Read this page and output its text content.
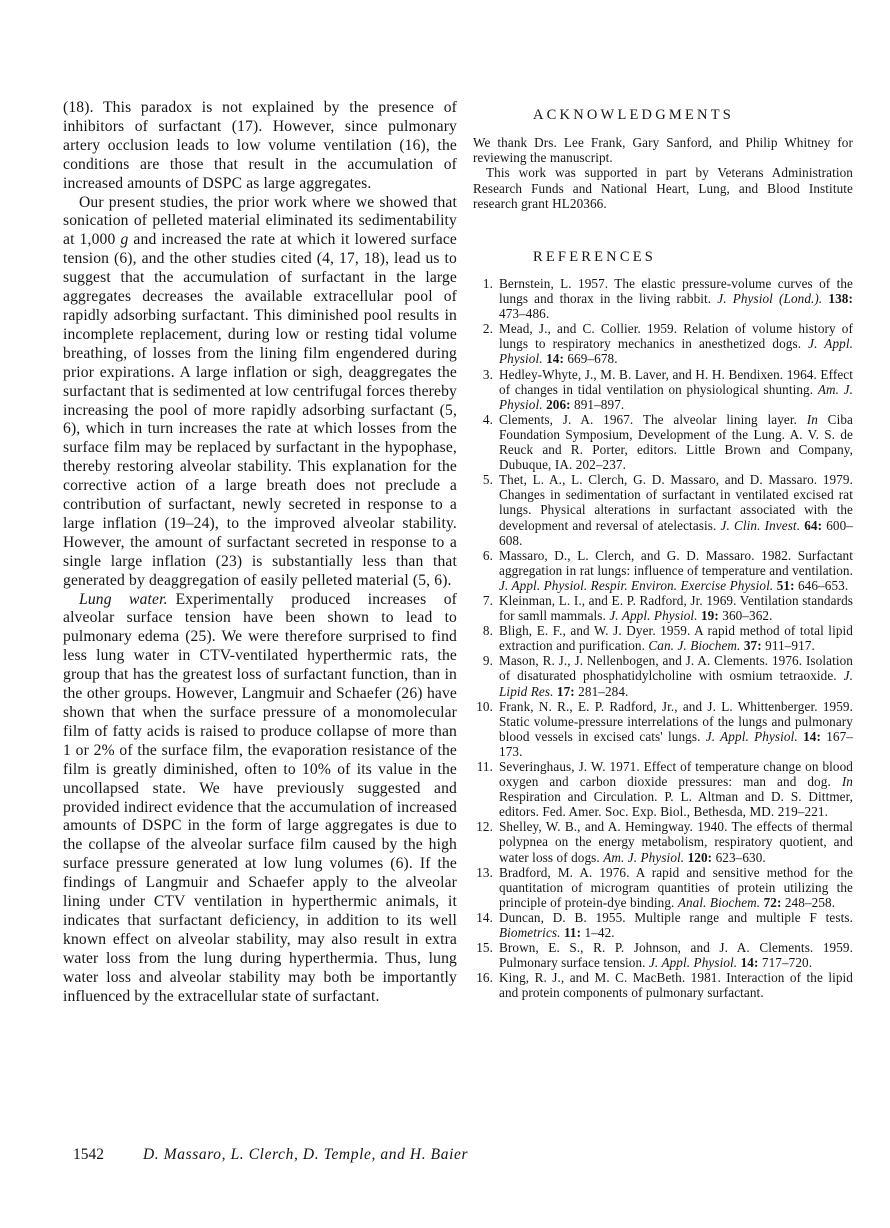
(18). This paradox is not explained by the presence of inhibitors of surfactant (17). However, since pulmonary artery occlusion leads to low volume ventilation (16), the conditions are those that result in the accumulation of increased amounts of DSPC as large aggregates.

Our present studies, the prior work where we showed that sonication of pelleted material eliminated its sedimentability at 1,000 g and increased the rate at which it lowered surface tension (6), and the other studies cited (4, 17, 18), lead us to suggest that the accumulation of surfactant in the large aggregates decreases the available extracellular pool of rapidly adsorbing surfactant. This diminished pool results in incomplete replacement, during low or resting tidal volume breathing, of losses from the lining film engendered during prior expirations. A large inflation or sigh, deaggregates the surfactant that is sedimented at low centrifugal forces thereby increasing the pool of more rapidly adsorbing surfactant (5, 6), which in turn increases the rate at which losses from the surface film may be replaced by surfactant in the hypophase, thereby restoring alveolar stability. This explanation for the corrective action of a large breath does not preclude a contribution of surfactant, newly secreted in response to a large inflation (19–24), to the improved alveolar stability. However, the amount of surfactant secreted in response to a single large inflation (23) is substantially less than that generated by deaggregation of easily pelleted material (5, 6).

Lung water. Experimentally produced increases of alveolar surface tension have been shown to lead to pulmonary edema (25). We were therefore surprised to find less lung water in CTV-ventilated hyperthermic rats, the group that has the greatest loss of surfactant function, than in the other groups. However, Langmuir and Schaefer (26) have shown that when the surface pressure of a monomolecular film of fatty acids is raised to produce collapse of more than 1 or 2% of the surface film, the evaporation resistance of the film is greatly diminished, often to 10% of its value in the uncollapsed state. We have previously suggested and provided indirect evidence that the accumulation of increased amounts of DSPC in the form of large aggregates is due to the collapse of the alveolar surface film caused by the high surface pressure generated at low lung volumes (6). If the findings of Langmuir and Schaefer apply to the alveolar lining under CTV ventilation in hyperthermic animals, it indicates that surfactant deficiency, in addition to its well known effect on alveolar stability, may also result in extra water loss from the lung during hyperthermia. Thus, lung water loss and alveolar stability may both be importantly influenced by the extracellular state of surfactant.

ACKNOWLEDGMENTS

We thank Drs. Lee Frank, Gary Sanford, and Philip Whitney for reviewing the manuscript.

This work was supported in part by Veterans Administration Research Funds and National Heart, Lung, and Blood Institute research grant HL20366.

REFERENCES
1. Bernstein, L. 1957. The elastic pressure-volume curves of the lungs and thorax in the living rabbit. J. Physiol (Lond.). 138: 473–486.
2. Mead, J., and C. Collier. 1959. Relation of volume history of lungs to respiratory mechanics in anesthetized dogs. J. Appl. Physiol. 14: 669–678.
3. Hedley-Whyte, J., M. B. Laver, and H. H. Bendixen. 1964. Effect of changes in tidal ventilation on physiological shunting. Am. J. Physiol. 206: 891–897.
4. Clements, J. A. 1967. The alveolar lining layer. In Ciba Foundation Symposium, Development of the Lung. A. V. S. de Reuck and R. Porter, editors. Little Brown and Company, Dubuque, IA. 202–237.
5. Thet, L. A., L. Clerch, G. D. Massaro, and D. Massaro. 1979. Changes in sedimentation of surfactant in ventilated excised rat lungs. Physical alterations in surfactant associated with the development and reversal of atelectasis. J. Clin. Invest. 64: 600–608.
6. Massaro, D., L. Clerch, and G. D. Massaro. 1982. Surfactant aggregation in rat lungs: influence of temperature and ventilation. J. Appl. Physiol. Respir. Environ. Exercise Physiol. 51: 646–653.
7. Kleinman, L. I., and E. P. Radford, Jr. 1969. Ventilation standards for samll mammals. J. Appl. Physiol. 19: 360–362.
8. Bligh, E. F., and W. J. Dyer. 1959. A rapid method of total lipid extraction and purification. Can. J. Biochem. 37: 911–917.
9. Mason, R. J., J. Nellenbogen, and J. A. Clements. 1976. Isolation of disaturated phosphatidylcholine with osmium tetraoxide. J. Lipid Res. 17: 281–284.
10. Frank, N. R., E. P. Radford, Jr., and J. L. Whittenberger. 1959. Static volume-pressure interrelations of the lungs and pulmonary blood vessels in excised cats' lungs. J. Appl. Physiol. 14: 167–173.
11. Severinghaus, J. W. 1971. Effect of temperature change on blood oxygen and carbon dioxide pressures: man and dog. In Respiration and Circulation. P. L. Altman and D. S. Dittmer, editors. Fed. Amer. Soc. Exp. Biol., Bethesda, MD. 219–221.
12. Shelley, W. B., and A. Hemingway. 1940. The effects of thermal polypnea on the energy metabolism, respiratory quotient, and water loss of dogs. Am. J. Physiol. 120: 623–630.
13. Bradford, M. A. 1976. A rapid and sensitive method for the quantitation of microgram quantities of protein utilizing the principle of protein-dye binding. Anal. Biochem. 72: 248–258.
14. Duncan, D. B. 1955. Multiple range and multiple F tests. Biometrics. 11: 1–42.
15. Brown, E. S., R. P. Johnson, and J. A. Clements. 1959. Pulmonary surface tension. J. Appl. Physiol. 14: 717–720.
16. King, R. J., and M. C. MacBeth. 1981. Interaction of the lipid and protein components of pulmonary surfactant.
1542	D. Massaro, L. Clerch, D. Temple, and H. Baier
